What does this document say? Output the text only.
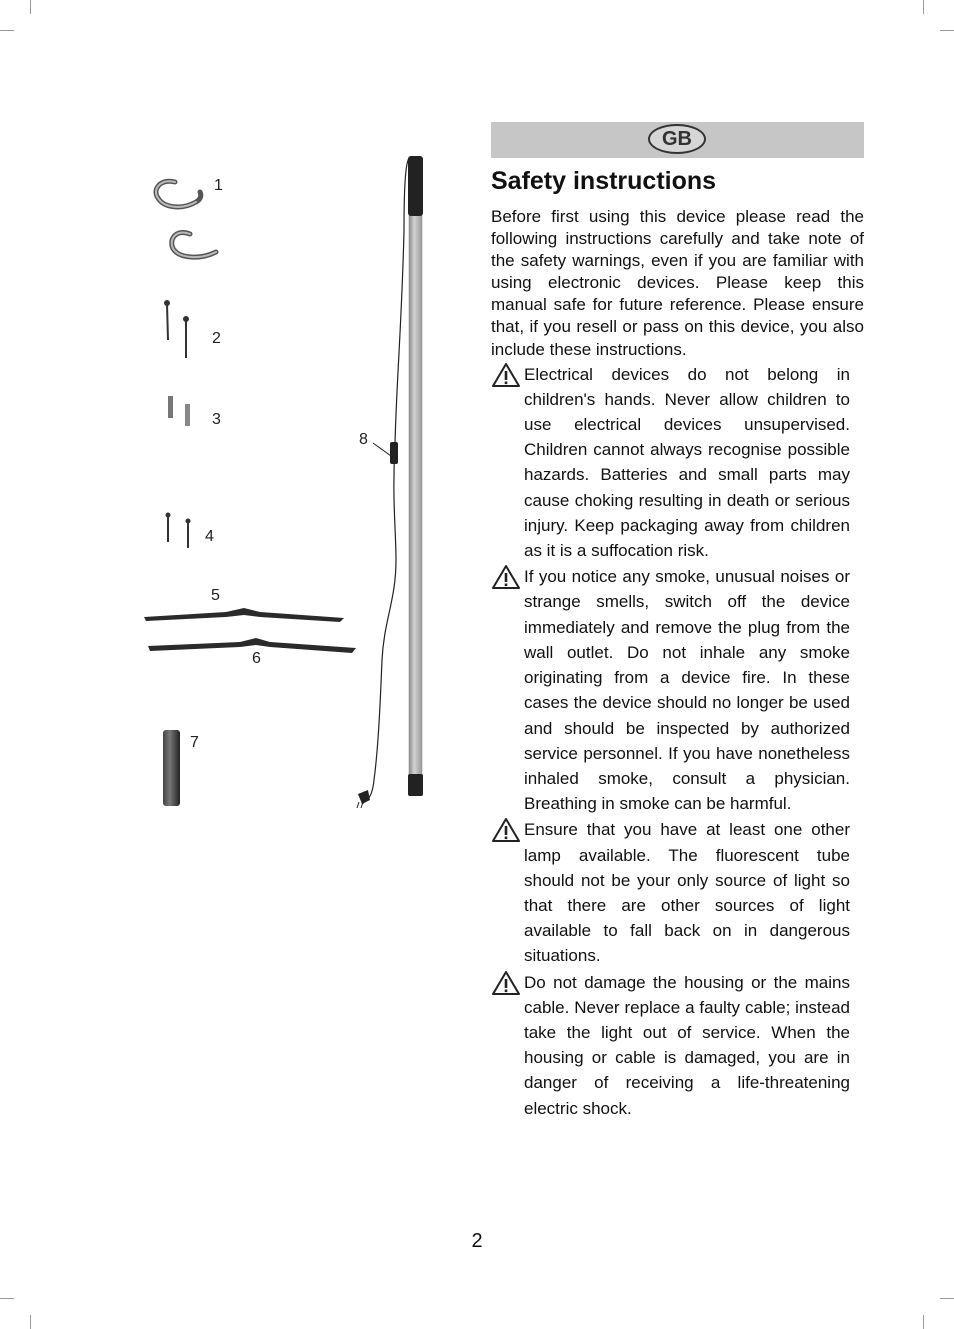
1
2
3
4
5
6
7
8
GB
Safety instructions

Before first using this device please read the following instructions carefully and take note of the safety warnings, even if you are familiar with using electronic devices. Please keep this manual safe for future reference. Please ensure that, if you resell or pass on this device, you also include these instructions.

Electrical devices do not belong in children's hands. Never allow children to use electrical devices unsupervised. Children cannot always recognise possible hazards. Batteries and small parts may cause choking resulting in death or serious injury. Keep packaging away from children as it is a suffocation risk.
If you notice any smoke, unusual noises or strange smells, switch off the device immediately and remove the plug from the wall outlet. Do not inhale any smoke originating from a device fire. In these cases the device should no longer be used and should be inspected by authorized service personnel. If you have nonetheless inhaled smoke, consult a physician. Breathing in smoke can be harmful.
Ensure that you have at least one other lamp available. The fluorescent tube should not be your only source of light so that there are other sources of light available to fall back on in dangerous situations.
Do not damage the housing or the mains cable. Never replace a faulty cable; instead take the light out of service. When the housing or cable is damaged, you are in danger of receiving a life-threatening electric shock.
2
